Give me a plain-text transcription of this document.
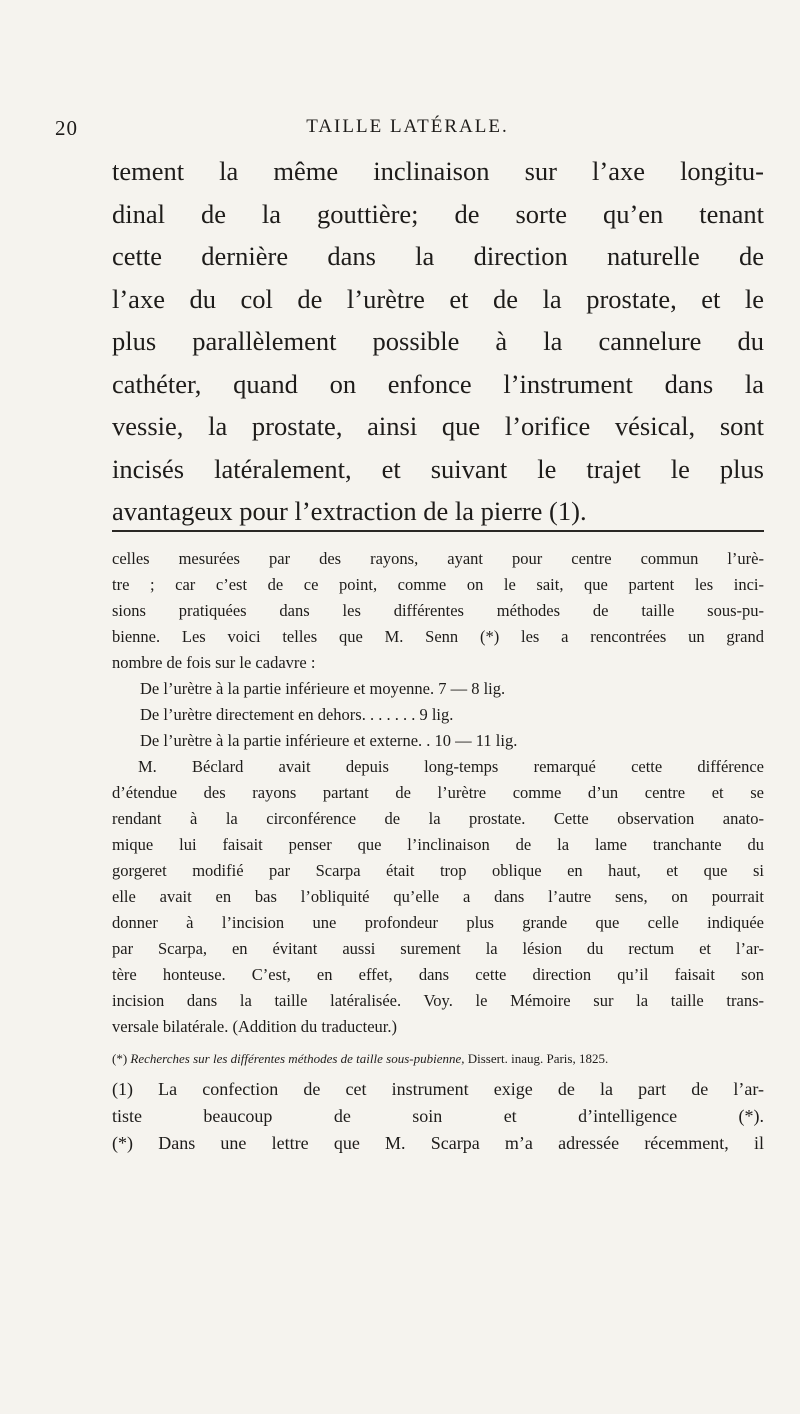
20	TAILLE LATÉRALE.

tement la même inclinaison sur l’axe longitu-
dinal de la gouttière; de sorte qu’en tenant
cette dernière dans la direction naturelle de
l’axe du col de l’urètre et de la prostate, et le
plus parallèlement possible à la cannelure du
cathéter, quand on enfonce l’instrument dans la
vessie, la prostate, ainsi que l’orifice vésical, sont
incisés latéralement, et suivant le trajet le plus
avantageux pour l’extraction de la pierre (1).

celles mesurées par des rayons, ayant pour centre commun l’urè-
tre ; car c’est de ce point, comme on le sait, que partent les inci-
sions pratiquées dans les différentes méthodes de taille sous-pu-
bienne. Les voici telles que M. Senn (*) les a rencontrées un grand
nombre de fois sur le cadavre :
De l’urètre à la partie inférieure et moyenne. 7 — 8 lig.
De l’urètre directement en dehors. . . . . . . 9 lig.
De l’urètre à la partie inférieure et externe. . 10 — 11 lig.
M. Béclard avait depuis long-temps remarqué cette différence
d’étendue des rayons partant de l’urètre comme d’un centre et se
rendant à la circonférence de la prostate. Cette observation anato-
mique lui faisait penser que l’inclinaison de la lame tranchante du
gorgeret modifié par Scarpa était trop oblique en haut, et que si
elle avait en bas l’obliquité qu’elle a dans l’autre sens, on pourrait
donner à l’incision une profondeur plus grande que celle indiquée
par Scarpa, en évitant aussi surement la lésion du rectum et l’ar-
tère honteuse. C’est, en effet, dans cette direction qu’il faisait son
incision dans la taille latéralisée. Voy. le Mémoire sur la taille trans-
versale bilatérale. (Addition du traducteur.)
(*) Recherches sur les différentes méthodes de taille sous-pubienne, Dissert. inaug. Paris, 1825.
(1) La confection de cet instrument exige de la part de l’ar-
tiste beaucoup de soin et d’intelligence (*).
(*) Dans une lettre que M. Scarpa m’a adressée récemment, il
